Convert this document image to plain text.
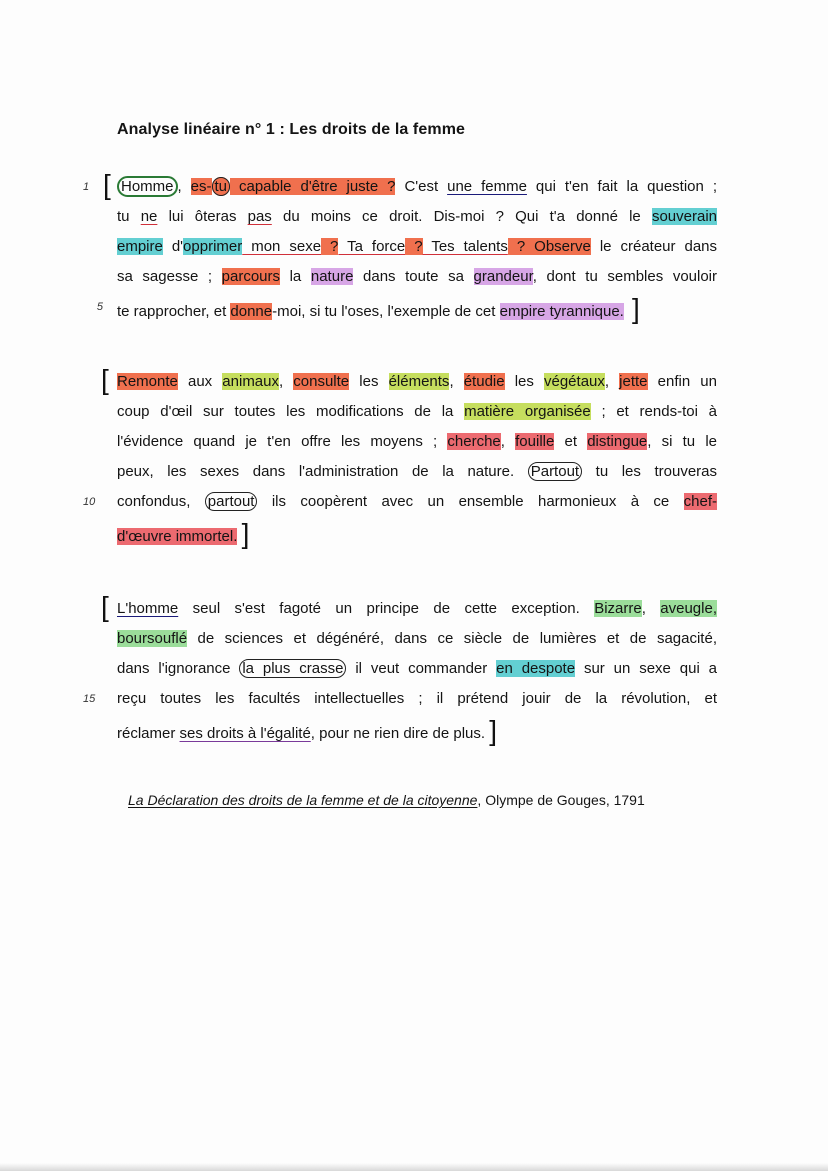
Analyse linéaire n° 1 : Les droits de la femme
[
1	Homme , es- tu capable d'être juste ? C'est une femme qui t'en fait la question ;
tu ne lui ôteras pas du moins ce droit. Dis-moi ? Qui t'a donné le souverain
empire d'opprimer mon sexe ? Ta force ? Tes talents ? Observe le créateur dans
sa sagesse ; parcours la nature dans toute sa grandeur, dont tu sembles vouloir
5 te rapprocher, et donne-moi, si tu l'oses, l'exemple de cet empire tyrannique. ]
[ Remonte aux animaux, consulte les éléments, étudie les végétaux, jette enfin un
coup d'œil sur toutes les modifications de la matière organisée ; et rends-toi à
l'évidence quand je t'en offre les moyens ; cherche, fouille et distingue, si tu le
peux, les sexes dans l'administration de la nature. Partout tu les trouveras
10	confondus, partout ils coopèrent avec un ensemble harmonieux à ce chef-
d'œuvre immortel. ]
[ L'homme seul s'est fagoté un principe de cette exception. Bizarre, aveugle,
boursouflé de sciences et dégénéré, dans ce siècle de lumières et de sagacité,
dans l'ignorance la plus crasse il veut commander en despote sur un sexe qui a
15	reçu toutes les facultés intellectuelles ; il prétend jouir de la révolution, et
réclamer ses droits à l'égalité, pour ne rien dire de plus. ]
La Déclaration des droits de la femme et de la citoyenne, Olympe de Gouges, 1791
